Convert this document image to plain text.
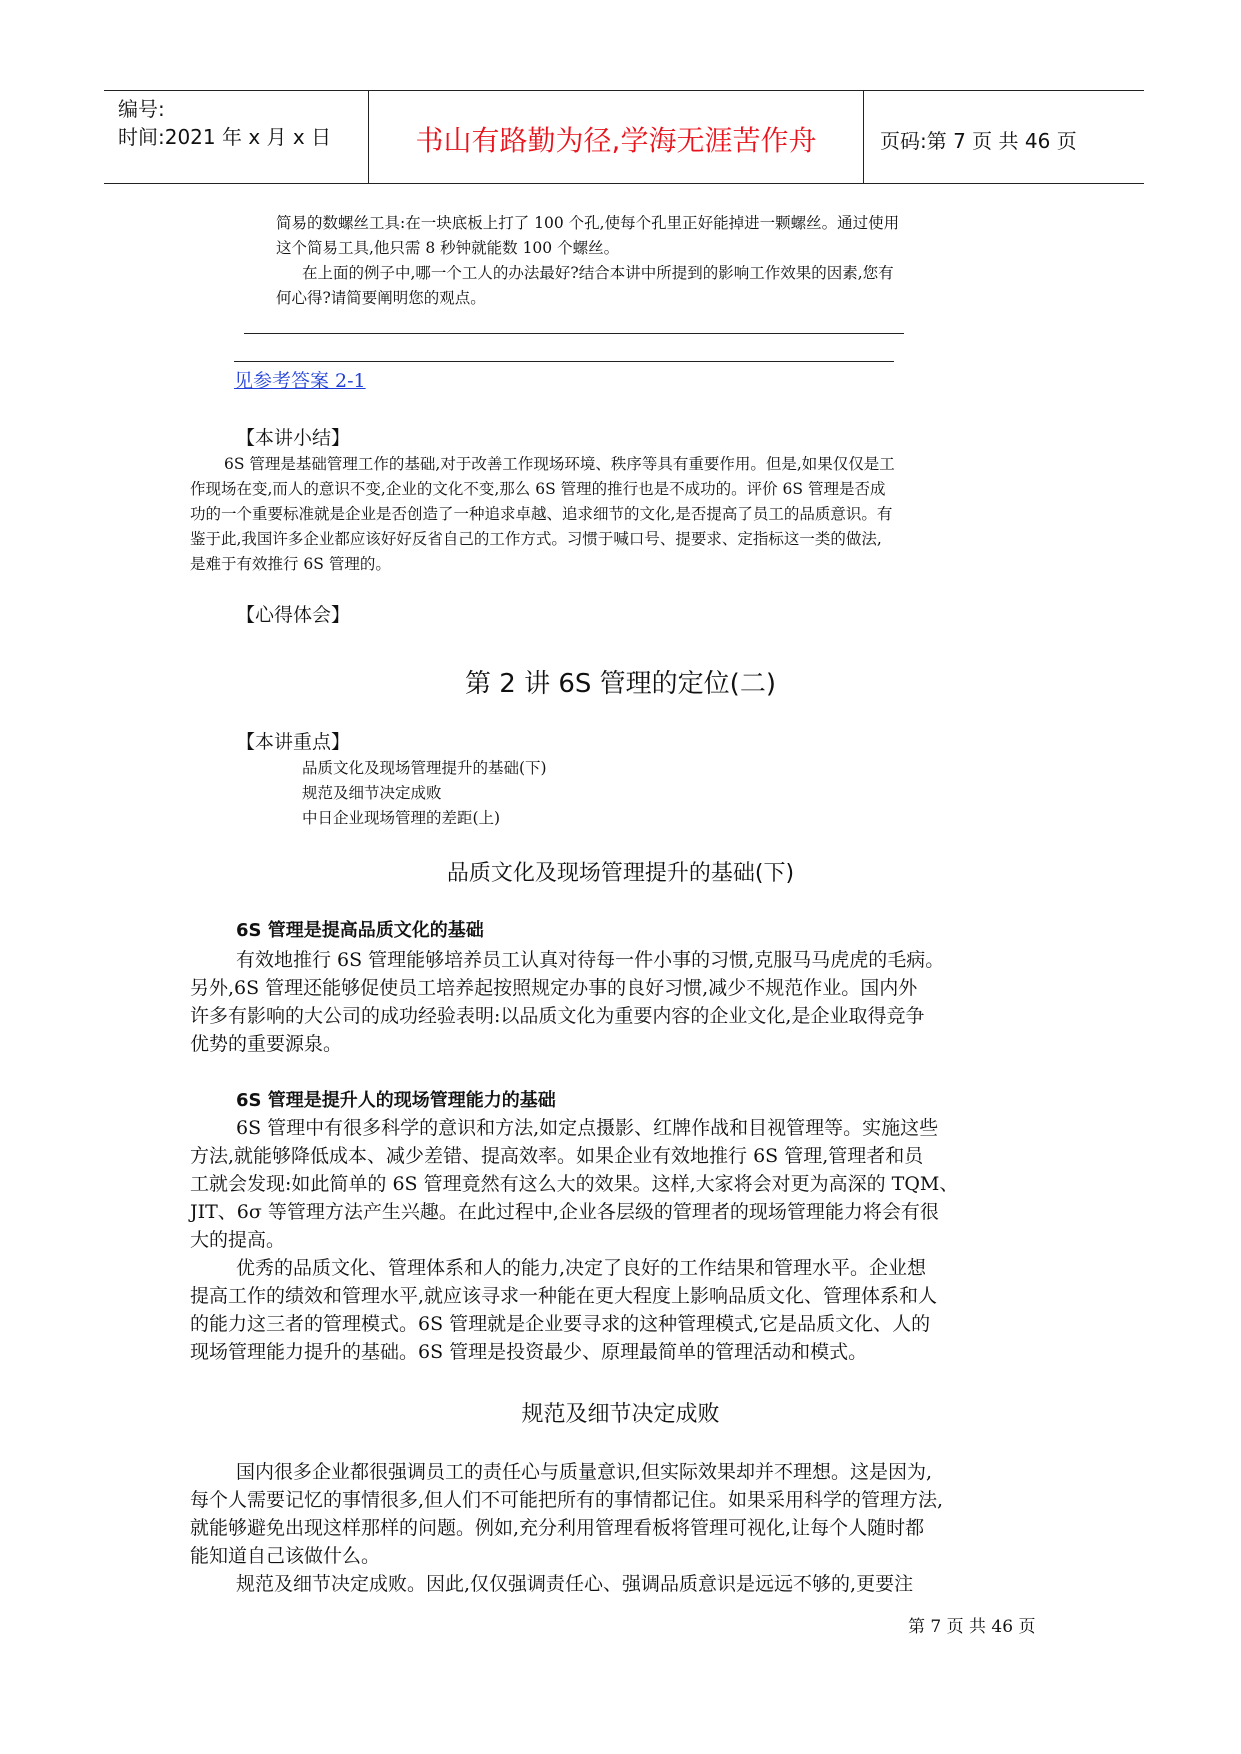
编号:
时间:2021 年 x 月 x 日	书山有路勤为径,学海无涯苦作舟	页码:第 7 页 共 46 页
简易的数螺丝工具:在一块底板上打了 100 个孔,使每个孔里正好能掉进一颗螺丝。通过使用
这个简易工具,他只需 8 秒钟就能数 100 个螺丝。
在上面的例子中,哪一个工人的办法最好?结合本讲中所提到的影响工作效果的因素,您有
何心得?请简要阐明您的观点。
见参考答案 2-1
【本讲小结】
6S 管理是基础管理工作的基础,对于改善工作现场环境、秩序等具有重要作用。但是,如果仅仅是工
作现场在变,而人的意识不变,企业的文化不变,那么 6S 管理的推行也是不成功的。评价 6S 管理是否成
功的一个重要标准就是企业是否创造了一种追求卓越、追求细节的文化,是否提高了员工的品质意识。有
鉴于此,我国许多企业都应该好好反省自己的工作方式。习惯于喊口号、提要求、定指标这一类的做法,
是难于有效推行 6S 管理的。
【心得体会】
第 2 讲 6S 管理的定位(二)
【本讲重点】
品质文化及现场管理提升的基础(下)
规范及细节决定成败
中日企业现场管理的差距(上)
品质文化及现场管理提升的基础(下)
6S 管理是提高品质文化的基础
有效地推行 6S 管理能够培养员工认真对待每一件小事的习惯,克服马马虎虎的毛病。
另外,6S 管理还能够促使员工培养起按照规定办事的良好习惯,减少不规范作业。国内外
许多有影响的大公司的成功经验表明:以品质文化为重要内容的企业文化,是企业取得竞争
优势的重要源泉。
6S 管理是提升人的现场管理能力的基础
6S 管理中有很多科学的意识和方法,如定点摄影、红牌作战和目视管理等。实施这些
方法,就能够降低成本、减少差错、提高效率。如果企业有效地推行 6S 管理,管理者和员
工就会发现:如此简单的 6S 管理竟然有这么大的效果。这样,大家将会对更为高深的 TQM、
JIT、6σ 等管理方法产生兴趣。在此过程中,企业各层级的管理者的现场管理能力将会有很
大的提高。
优秀的品质文化、管理体系和人的能力,决定了良好的工作结果和管理水平。企业想
提高工作的绩效和管理水平,就应该寻求一种能在更大程度上影响品质文化、管理体系和人
的能力这三者的管理模式。6S 管理就是企业要寻求的这种管理模式,它是品质文化、人的
现场管理能力提升的基础。6S 管理是投资最少、原理最简单的管理活动和模式。
规范及细节决定成败
国内很多企业都很强调员工的责任心与质量意识,但实际效果却并不理想。这是因为,
每个人需要记忆的事情很多,但人们不可能把所有的事情都记住。如果采用科学的管理方法,
就能够避免出现这样那样的问题。例如,充分利用管理看板将管理可视化,让每个人随时都
能知道自己该做什么。
规范及细节决定成败。因此,仅仅强调责任心、强调品质意识是远远不够的,更要注
第 7 页 共 46 页
